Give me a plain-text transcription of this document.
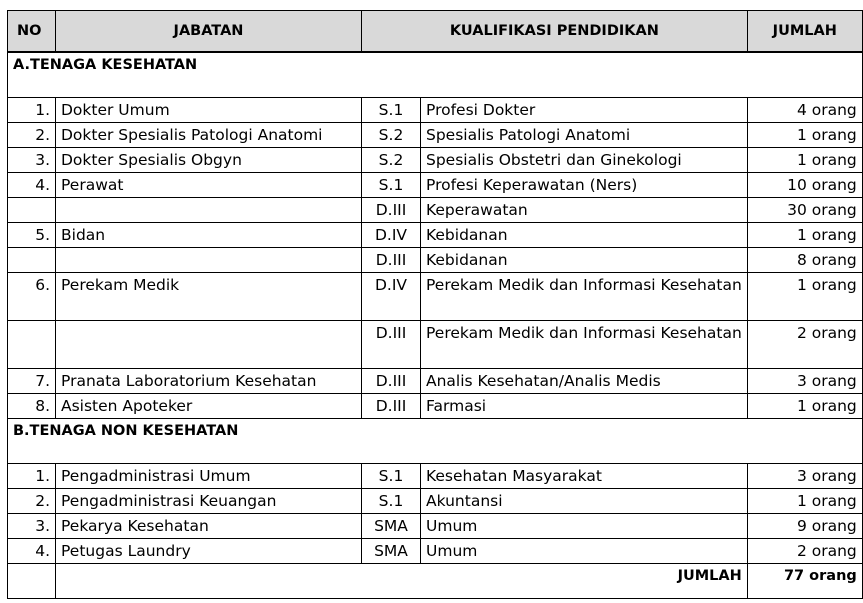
NO	JABATAN	KUALIFIKASI PENDIDIKAN		JUMLAH
A.TENAGA KESEHATAN				
1.	Dokter Umum	S.1	Profesi Dokter	4 orang
2.	Dokter Spesialis Patologi Anatomi	S.2	Spesialis Patologi Anatomi	1 orang
3.	Dokter Spesialis Obgyn	S.2	Spesialis Obstetri dan Ginekologi	1 orang
4.	Perawat	S.1	Profesi Keperawatan (Ners)	10 orang
		D.III	Keperawatan	30 orang
5.	Bidan	D.IV	Kebidanan	1 orang
		D.III	Kebidanan	8 orang
6.	Perekam Medik	D.IV	Perekam Medik dan Informasi Kesehatan	1 orang
		D.III	Perekam Medik dan Informasi Kesehatan	2 orang
7.	Pranata Laboratorium Kesehatan	D.III	Analis Kesehatan/Analis Medis	3 orang
8.	Asisten Apoteker	D.III	Farmasi	1 orang
B.TENAGA NON KESEHATAN				
1.	Pengadministrasi Umum	S.1	Kesehatan Masyarakat	3 orang
2.	Pengadministrasi Keuangan	S.1	Akuntansi	1 orang
3.	Pekarya Kesehatan	SMA	Umum	9 orang
4.	Petugas Laundry	SMA	Umum	2 orang
	JUMLAH			77 orang
